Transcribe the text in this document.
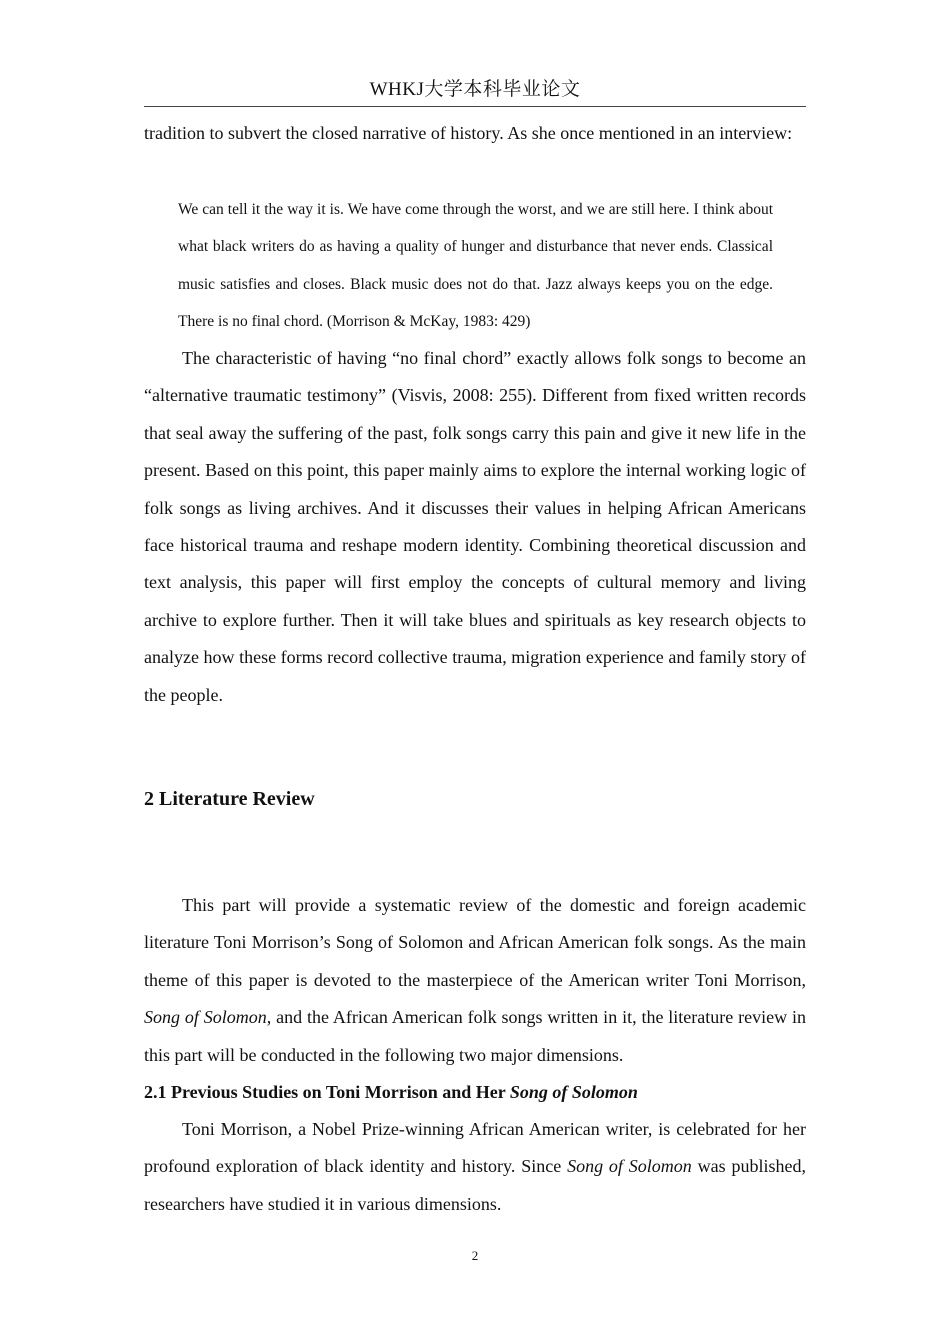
WHKJ大学本科毕业论文

tradition to subvert the closed narrative of history. As she once mentioned in an interview:

We can tell it the way it is. We have come through the worst, and we are still here. I think about what black writers do as having a quality of hunger and disturbance that never ends. Classical music satisfies and closes. Black music does not do that. Jazz always keeps you on the edge. There is no final chord. (Morrison & McKay, 1983: 429)

The characteristic of having “no final chord” exactly allows folk songs to become an “alternative traumatic testimony” (Visvis, 2008: 255). Different from fixed written records that seal away the suffering of the past, folk songs carry this pain and give it new life in the present. Based on this point, this paper mainly aims to explore the internal working logic of folk songs as living archives. And it discusses their values in helping African Americans face historical trauma and reshape modern identity. Combining theoretical discussion and text analysis, this paper will first employ the concepts of cultural memory and living archive to explore further. Then it will take blues and spirituals as key research objects to analyze how these forms record collective trauma, migration experience and family story of the people.

2 Literature Review

This part will provide a systematic review of the domestic and foreign academic literature Toni Morrison’s Song of Solomon and African American folk songs. As the main theme of this paper is devoted to the masterpiece of the American writer Toni Morrison, Song of Solomon, and the African American folk songs written in it, the literature review in this part will be conducted in the following two major dimensions.

2.1 Previous Studies on Toni Morrison and Her Song of Solomon

Toni Morrison, a Nobel Prize-winning African American writer, is celebrated for her profound exploration of black identity and history. Since Song of Solomon was published, researchers have studied it in various dimensions.

2
